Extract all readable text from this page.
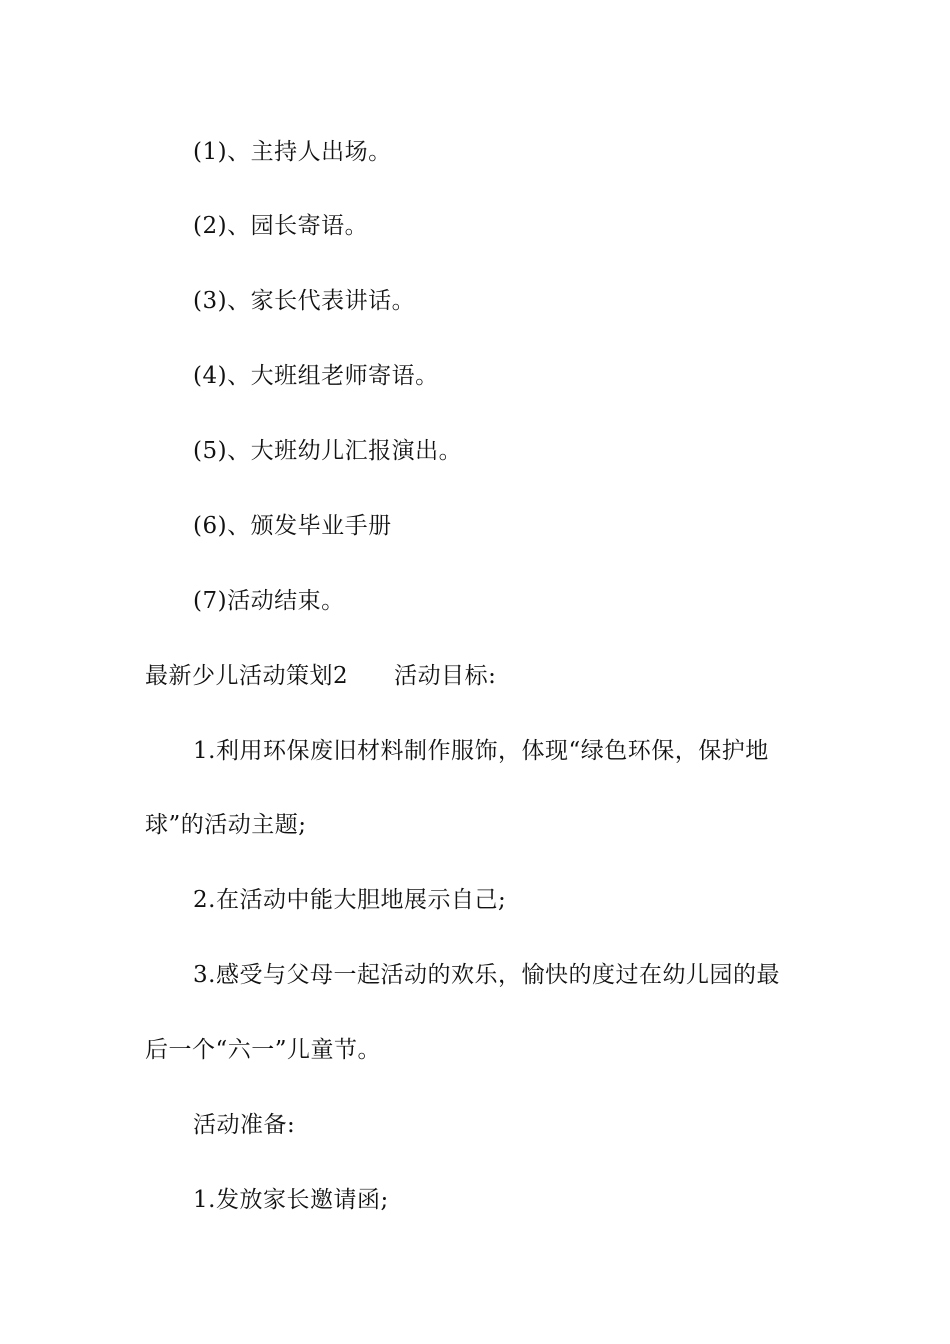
(1)、主持人出场。
(2)、园长寄语。
(3)、家长代表讲话。
(4)、大班组老师寄语。
(5)、大班幼儿汇报演出。
(6)、颁发毕业手册
(7)活动结束。
最新少儿活动策划2 活动目标:
1.利用环保废旧材料制作服饰，体现“绿色环保，保护地
球”的活动主题;
2.在活动中能大胆地展示自己;
3.感受与父母一起活动的欢乐，愉快的度过在幼儿园的最
后一个“六一”儿童节。
活动准备:
1.发放家长邀请函;
